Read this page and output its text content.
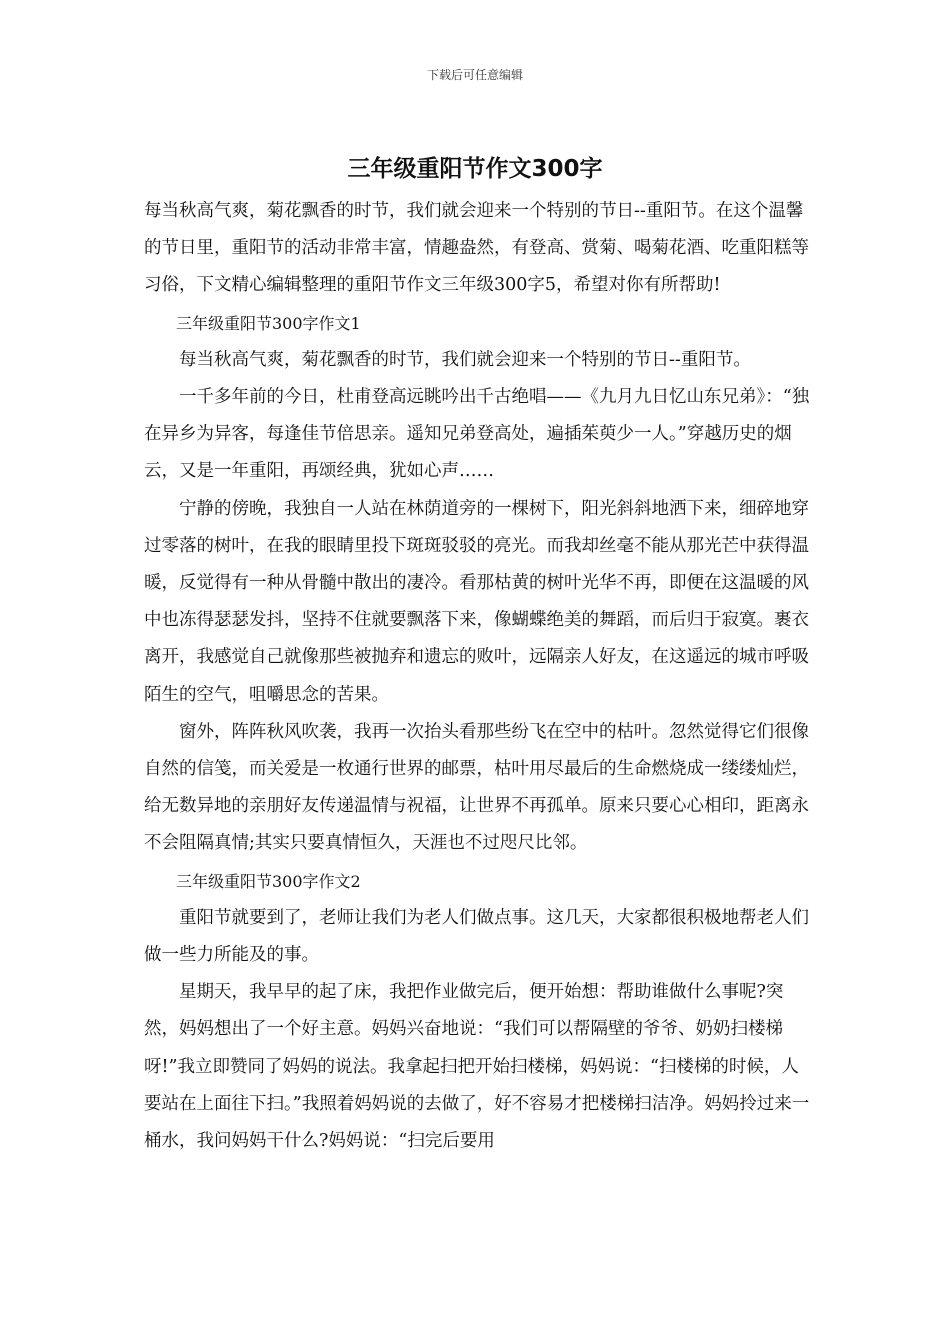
下载后可任意编辑
三年级重阳节作文300字

每当秋高气爽，菊花飘香的时节，我们就会迎来一个特别的节日--重阳节。在这个温馨的节日里，重阳节的活动非常丰富，情趣盎然，有登高、赏菊、喝菊花酒、吃重阳糕等习俗，下文精心编辑整理的重阳节作文三年级300字5，希望对你有所帮助!

三年级重阳节300字作文1

每当秋高气爽，菊花飘香的时节，我们就会迎来一个特别的节日--重阳节。

一千多年前的今日，杜甫登高远眺吟出千古绝唱——《九月九日忆山东兄弟》：“独在异乡为异客，每逢佳节倍思亲。遥知兄弟登高处，遍插茱萸少一人。”穿越历史的烟云，又是一年重阳，再颂经典，犹如心声……

宁静的傍晚，我独自一人站在林荫道旁的一棵树下，阳光斜斜地洒下来，细碎地穿过零落的树叶，在我的眼睛里投下斑斑驳驳的亮光。而我却丝毫不能从那光芒中获得温暖，反觉得有一种从骨髓中散出的凄冷。看那枯黄的树叶光华不再，即便在这温暖的风中也冻得瑟瑟发抖，坚持不住就要飘落下来，像蝴蝶绝美的舞蹈，而后归于寂寞。裹衣离开，我感觉自己就像那些被抛弃和遗忘的败叶，远隔亲人好友，在这遥远的城市呼吸陌生的空气，咀嚼思念的苦果。

窗外，阵阵秋风吹袭，我再一次抬头看那些纷飞在空中的枯叶。忽然觉得它们很像自然的信笺，而关爱是一枚通行世界的邮票，枯叶用尽最后的生命燃烧成一缕缕灿烂，给无数异地的亲朋好友传递温情与祝福，让世界不再孤单。原来只要心心相印，距离永不会阻隔真情;其实只要真情恒久，天涯也不过咫尺比邻。

三年级重阳节300字作文2

重阳节就要到了，老师让我们为老人们做点事。这几天，大家都很积极地帮老人们做一些力所能及的事。

星期天，我早早的起了床，我把作业做完后，便开始想：帮助谁做什么事呢?突然，妈妈想出了一个好主意。妈妈兴奋地说：“我们可以帮隔壁的爷爷、奶奶扫楼梯呀!”我立即赞同了妈妈的说法。我拿起扫把开始扫楼梯，妈妈说：“扫楼梯的时候，人要站在上面往下扫。”我照着妈妈说的去做了，好不容易才把楼梯扫洁净。妈妈拎过来一桶水，我问妈妈干什么?妈妈说：“扫完后要用
